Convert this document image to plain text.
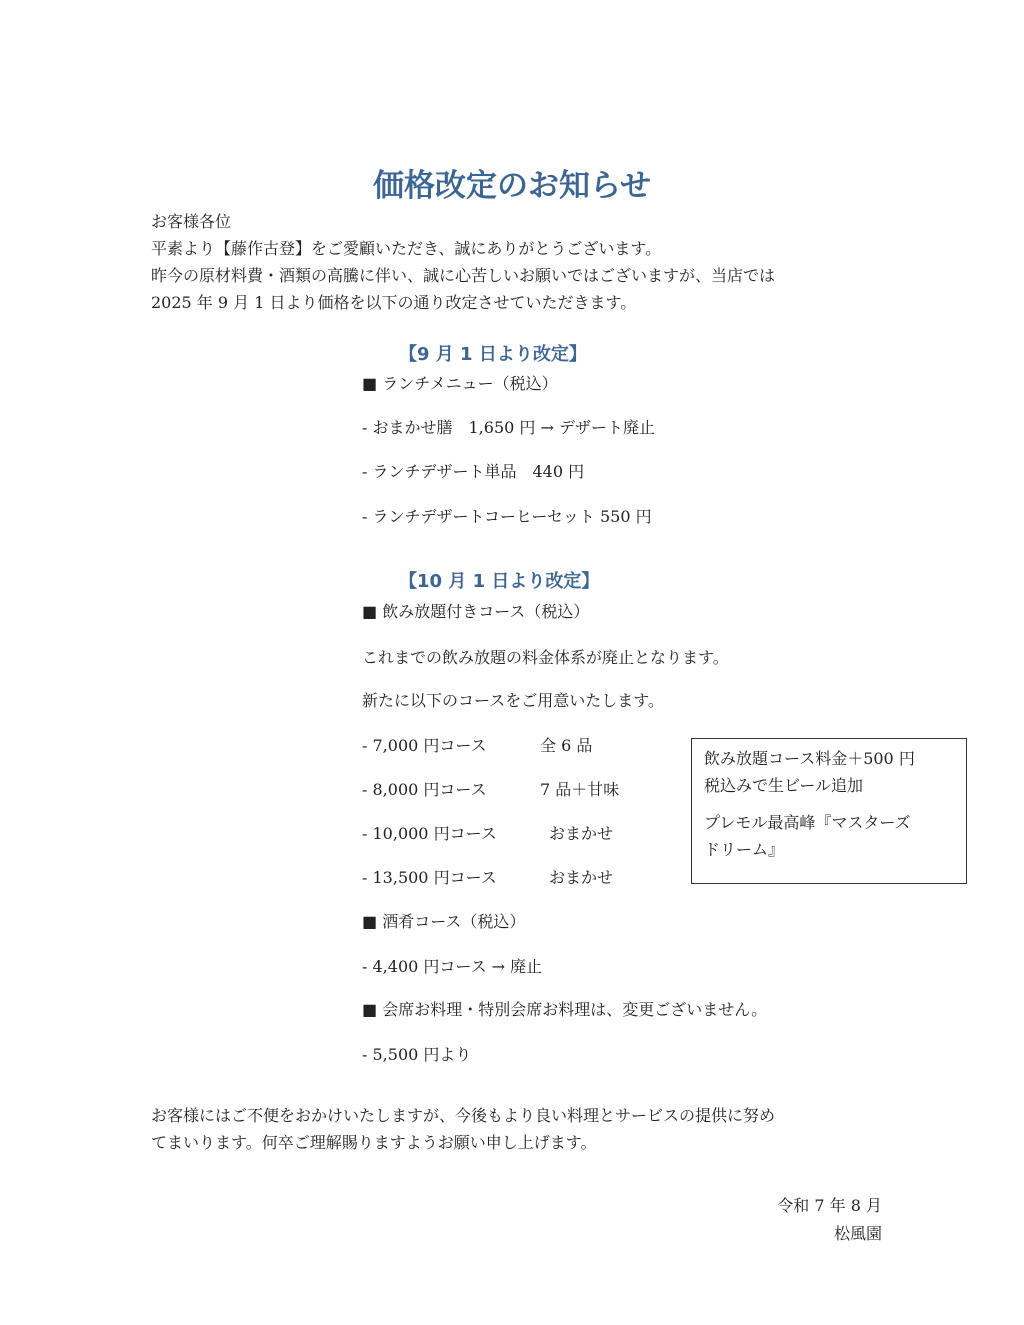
価格改定のお知らせ
お客様各位
平素より【藤作古登】をご愛顧いただき、誠にありがとうございます。
昨今の原材料費・酒類の高騰に伴い、誠に心苦しいお願いではございますが、当店では
2025 年 9 月 1 日より価格を以下の通り改定させていただきます。
【9 月 1 日より改定】
■ ランチメニュー（税込）
- おまかせ膳　1,650 円 → デザート廃止
- ランチデザート単品　440 円
- ランチデザートコーヒーセット 550 円
【10 月 1 日より改定】
■ 飲み放題付きコース（税込）
これまでの飲み放題の料金体系が廃止となります。
新たに以下のコースをご用意いたします。
- 7,000 円コース	全 6 品
- 8,000 円コース	7 品＋甘味
- 10,000 円コース	おまかせ
- 13,500 円コース	おまかせ
飲み放題コース料金＋500 円
税込みで生ビール追加
プレモル最高峰『マスターズ
ドリーム』
■ 酒肴コース（税込）
- 4,400 円コース → 廃止
■ 会席お料理・特別会席お料理は、変更ございません。
- 5,500 円より
お客様にはご不便をおかけいたしますが、今後もより良い料理とサービスの提供に努め
てまいります。何卒ご理解賜りますようお願い申し上げます。
令和 7 年 8 月
松風園
